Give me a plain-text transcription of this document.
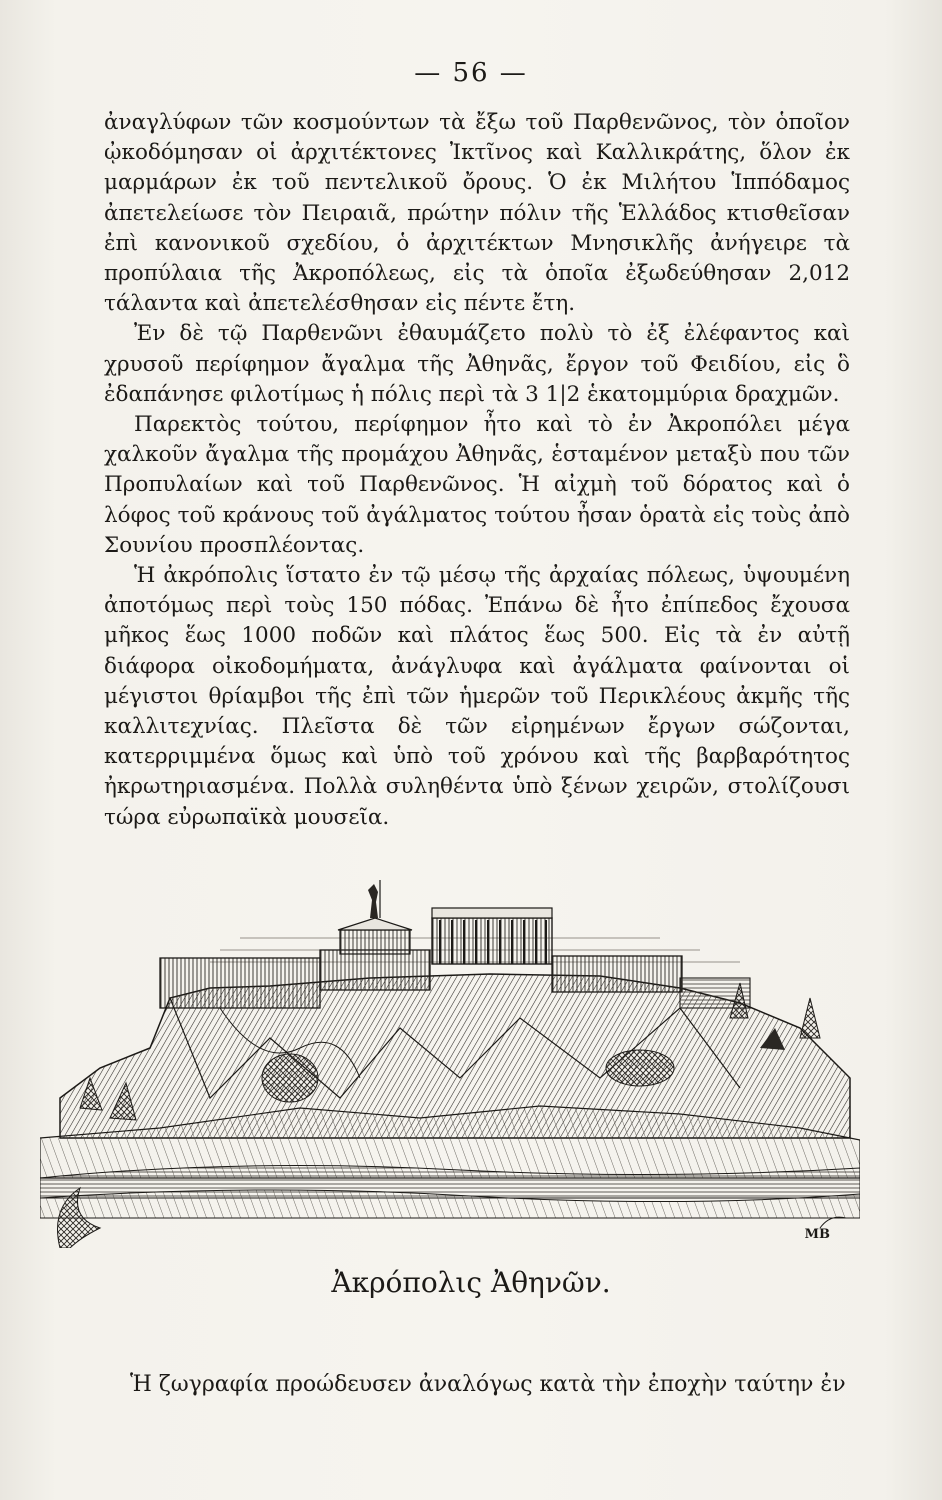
— 56 —

ἀναγλύφων τῶν κοσμούντων τὰ ἔξω τοῦ Παρθενῶνος, τὸν ὁποῖον ᾠκοδόμησαν οἱ ἀρχιτέκτονες Ἰκτῖνος καὶ Καλλικράτης, ὅλον ἐκ μαρμάρων ἐκ τοῦ πεντελικοῦ ὄρους. Ὁ ἐκ Μιλήτου Ἱππόδαμος ἀπετελείωσε τὸν Πειραιᾶ, πρώτην πόλιν τῆς Ἑλλάδος κτισθεῖσαν ἐπὶ κανονικοῦ σχεδίου, ὁ ἀρχιτέκτων Μνησικλῆς ἀνήγειρε τὰ προπύλαια τῆς Ἀκροπόλεως, εἰς τὰ ὁποῖα ἐξωδεύθησαν 2,012 τάλαντα καὶ ἀπετελέσθησαν εἰς πέντε ἔτη.

Ἐν δὲ τῷ Παρθενῶνι ἐθαυμάζετο πολὺ τὸ ἐξ ἐλέφαντος καὶ χρυσοῦ περίφημον ἄγαλμα τῆς Ἀθηνᾶς, ἔργον τοῦ Φειδίου, εἰς ὃ ἐδαπάνησε φιλοτίμως ἡ πόλις περὶ τὰ 3 1|2 ἑκατομμύρια δραχμῶν.

Παρεκτὸς τούτου, περίφημον ἦτο καὶ τὸ ἐν Ἀκροπόλει μέγα χαλκοῦν ἄγαλμα τῆς προμάχου Ἀθηνᾶς, ἑσταμένον μεταξὺ που τῶν Προπυλαίων καὶ τοῦ Παρθενῶνος. Ἡ αἰχμὴ τοῦ δόρατος καὶ ὁ λόφος τοῦ κράνους τοῦ ἀγάλματος τούτου ἦσαν ὁρατὰ εἰς τοὺς ἀπὸ Σουνίου προσπλέοντας.

Ἡ ἀκρόπολις ἵστατο ἐν τῷ μέσῳ τῆς ἀρχαίας πόλεως, ὑψουμένη ἀποτόμως περὶ τοὺς 150 πόδας. Ἐπάνω δὲ ἦτο ἐπίπεδος ἔχουσα μῆκος ἕως 1000 ποδῶν καὶ πλάτος ἕως 500. Εἰς τὰ ἐν αὐτῇ διάφορα οἰκοδομήματα, ἀνάγλυφα καὶ ἀγάλματα φαίνονται οἱ μέγιστοι θρίαμβοι τῆς ἐπὶ τῶν ἡμερῶν τοῦ Περικλέους ἀκμῆς τῆς καλλιτεχνίας. Πλεῖστα δὲ τῶν εἰρημένων ἔργων σώζονται, κατερριμμένα ὅμως καὶ ὑπὸ τοῦ χρόνου καὶ τῆς βαρβαρότητος ἠκρωτηριασμένα. Πολλὰ συληθέντα ὑπὸ ξένων χειρῶν, στολίζουσι τώρα εὐρωπαϊκὰ μουσεῖα.

MB
Ἀκρόπολις Ἀθηνῶν.
Ἡ ζωγραφία προώδευσεν ἀναλόγως κατὰ τὴν ἐποχὴν ταύτην ἐν
